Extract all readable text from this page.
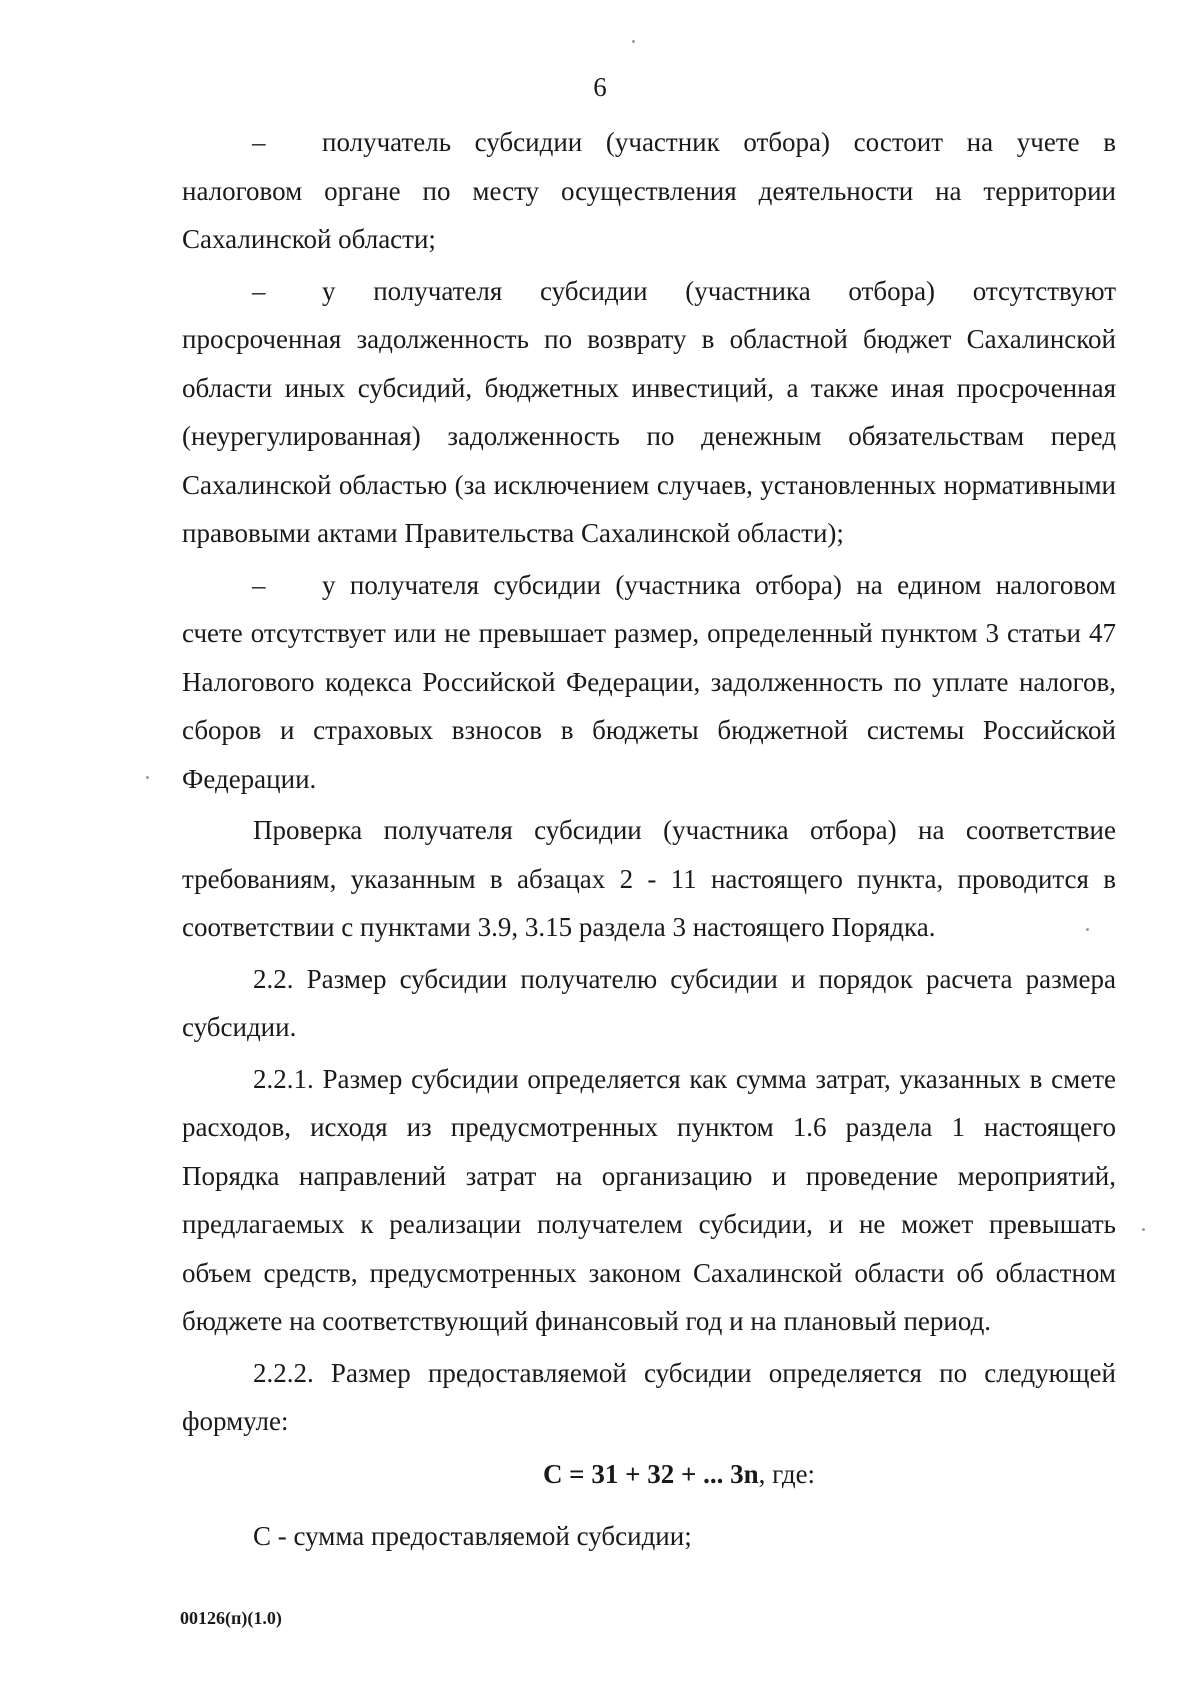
6

– получатель субсидии (участник отбора) состоит на учете в налоговом органе по месту осуществления деятельности на территории Сахалинской области;

– у получателя субсидии (участника отбора) отсутствуют просроченная задолженность по возврату в областной бюджет Сахалинской области иных субсидий, бюджетных инвестиций, а также иная просроченная (неурегулированная) задолженность по денежным обязательствам перед Сахалинской областью (за исключением случаев, установленных нормативными правовыми актами Правительства Сахалинской области);

– у получателя субсидии (участника отбора) на едином налоговом счете отсутствует или не превышает размер, определенный пунктом 3 статьи 47 Налогового кодекса Российской Федерации, задолженность по уплате налогов, сборов и страховых взносов в бюджеты бюджетной системы Российской Федерации.

Проверка получателя субсидии (участника отбора) на соответствие требованиям, указанным в абзацах 2 - 11 настоящего пункта, проводится в соответствии с пунктами 3.9, 3.15 раздела 3 настоящего Порядка.

2.2. Размер субсидии получателю субсидии и порядок расчета размера субсидии.

2.2.1. Размер субсидии определяется как сумма затрат, указанных в смете расходов, исходя из предусмотренных пунктом 1.6 раздела 1 настоящего Порядка направлений затрат на организацию и проведение мероприятий, предлагаемых к реализации получателем субсидии, и не может превышать объем средств, предусмотренных законом Сахалинской области об областном бюджете на соответствующий финансовый год и на плановый период.

2.2.2. Размер предоставляемой субсидии определяется по следующей формуле:

С = 31 + 32 + ... 3n, где:

С - сумма предоставляемой субсидии;

00126(п)(1.0)
